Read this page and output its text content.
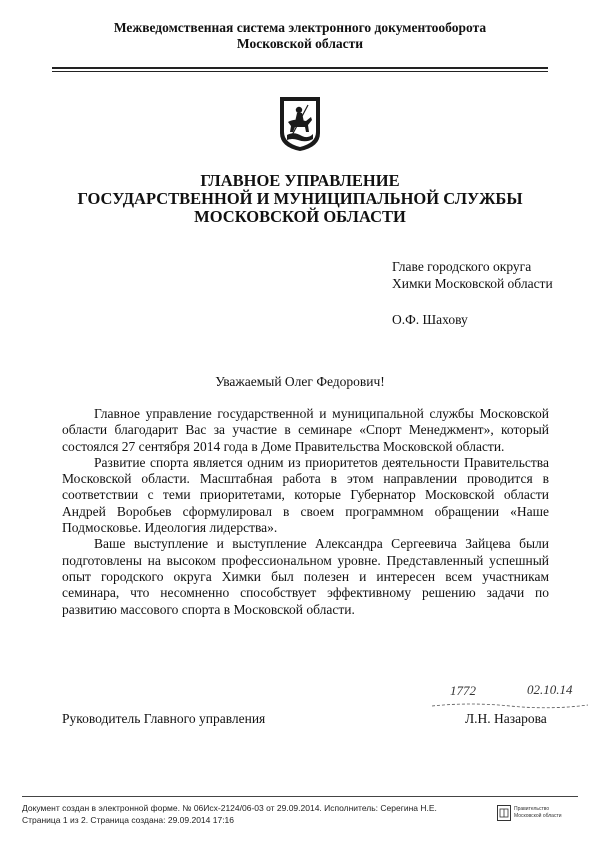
Межведомственная система электронного документооборота
Московской области
ГЛАВНОЕ УПРАВЛЕНИЕ
ГОСУДАРСТВЕННОЙ И МУНИЦИПАЛЬНОЙ СЛУЖБЫ
МОСКОВСКОЙ ОБЛАСТИ
Главе городского округа
Химки Московской области
О.Ф. Шахову
Уважаемый Олег Федорович!

Главное управление государственной и муниципальной службы Московской области благодарит Вас за участие в семинаре «Спорт Менеджмент», который состоялся 27 сентября 2014 года в Доме Правительства Московской области.

Развитие спорта является одним из приоритетов деятельности Правительства Московской области. Масштабная работа в этом направлении проводится в соответствии с теми приоритетами, которые Губернатор Московской области Андрей Воробьев сформулировал в своем программном обращении «Наше Подмосковье. Идеология лидерства».

Ваше выступление и выступление Александра Сергеевича Зайцева были подготовлены на высоком профессиональном уровне. Представленный успешный опыт городского округа Химки был полезен и интересен всем участникам семинара, что несомненно способствует эффективному решению задачи по развитию массового спорта в Московской области.

1772	02.10.14
Руководитель Главного управления	Л.Н. Назарова
Документ создан в электронной форме. № 06Исх-2124/06-03 от 29.09.2014. Исполнитель: Серегина Н.Е.
Страница 1 из 2. Страница создана: 29.09.2014 17:16
Правительство
Московской области
